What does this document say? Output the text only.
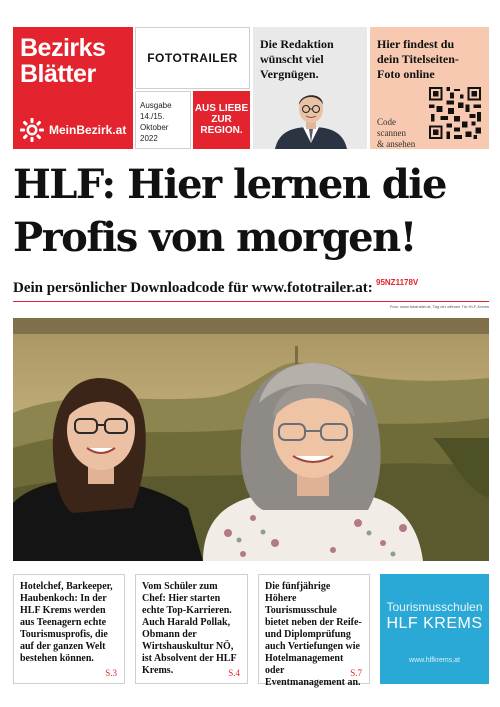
Bezirks
Blätter
MeinBezirk.at
FOTOTRAILER
Ausgabe
14./15. Oktober
2022
AUS LIEBE
ZUR
REGION.
Die Redaktion
wünscht viel
Vergnügen.
Hier findest du
dein Titelseiten-
Foto online
Code
scannen
& ansehen
HLF: Hier lernen die
Profis von morgen!
Dein persönlicher Downloadcode für www.fototrailer.at: 95NZ1178V
Foto: www.fototrailer.at, Tag der offenen Tür HLF-Krems

Hotelchef, Barkeeper, Haubenkoch: In der HLF Krems werden aus Teenagern echte Tourismusprofis, die auf der ganzen Welt bestehen können.

S.3

Vom Schüler zum Chef: Hier starten echte Top-Karrieren. Auch Harald Pollak, Obmann der Wirtshauskultur NÖ, ist Absolvent der HLF Krems.	S.4

Die fünfjährige Höhere Tourismusschule bietet neben der Reife- und Diplomprüfung auch Vertiefungen wie Hotelmanagement oder Eventmanagement an.

S.7
Tourismusschulen
HLF KREMS
www.hlfkrems.at
